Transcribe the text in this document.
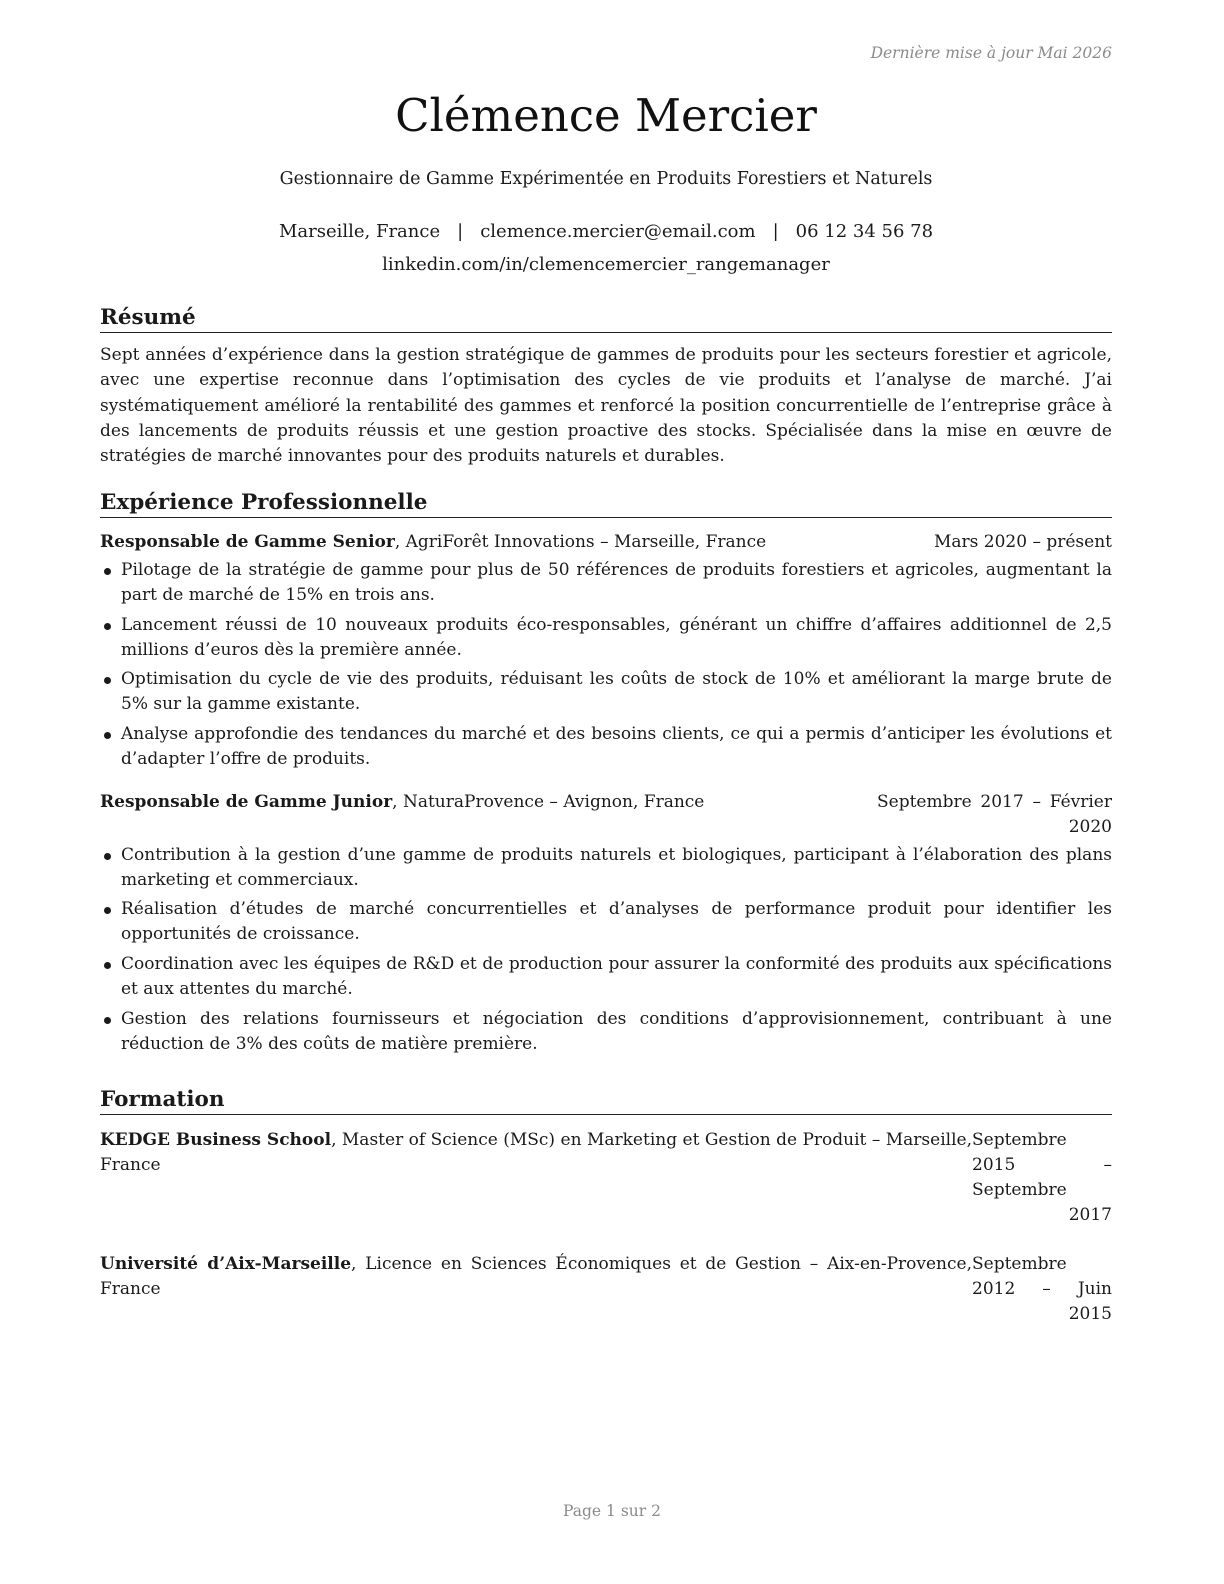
Dernière mise à jour Mai 2026
Clémence Mercier
Gestionnaire de Gamme Expérimentée en Produits Forestiers et Naturels
Marseille, France | clemence.mercier@email.com | 06 12 34 56 78
linkedin.com/in/clemencemercier_rangemanager
Résumé

Sept années d’expérience dans la gestion stratégique de gammes de produits pour les secteurs forestier et agricole, avec une expertise reconnue dans l’optimisation des cycles de vie produits et l’analyse de marché. J’ai systématiquement amélioré la rentabilité des gammes et renforcé la position concurrentielle de l’entreprise grâce à des lancements de produits réussis et une gestion proactive des stocks. Spécialisée dans la mise en œuvre de stratégies de marché innovantes pour des produits naturels et durables.

Expérience Professionnelle
Responsable de Gamme Senior, AgriForêt Innovations – Marseille, France	Mars 2020 – présent
Pilotage de la stratégie de gamme pour plus de 50 références de produits forestiers et agricoles, augmentant la part de marché de 15% en trois ans.
Lancement réussi de 10 nouveaux produits éco-responsables, générant un chiffre d’affaires additionnel de 2,5 millions d’euros dès la première année.
Optimisation du cycle de vie des produits, réduisant les coûts de stock de 10% et améliorant la marge brute de 5% sur la gamme existante.
Analyse approfondie des tendances du marché et des besoins clients, ce qui a permis d’anticiper les évolutions et d’adapter l’offre de produits.
Responsable de Gamme Junior, NaturaProvence – Avignon, France	Septembre 2017 – Février 2020
Contribution à la gestion d’une gamme de produits naturels et biologiques, participant à l’élaboration des plans marketing et commerciaux.
Réalisation d’études de marché concurrentielles et d’analyses de performance produit pour identifier les opportunités de croissance.
Coordination avec les équipes de R&D et de production pour assurer la conformité des produits aux spécifications et aux attentes du marché.
Gestion des relations fournisseurs et négociation des conditions d’approvisionnement, contribuant à une réduction de 3% des coûts de matière première.
Formation
KEDGE Business School, Master of Science (MSc) en Marketing et Gestion de Produit – Marseille, France
Septembre 2015 – Septembre 2017
Université d’Aix-Marseille, Licence en Sciences Économiques et de Gestion – Aix-en-Provence, France
Septembre 2012 – Juin 2015
Page 1 sur 2
